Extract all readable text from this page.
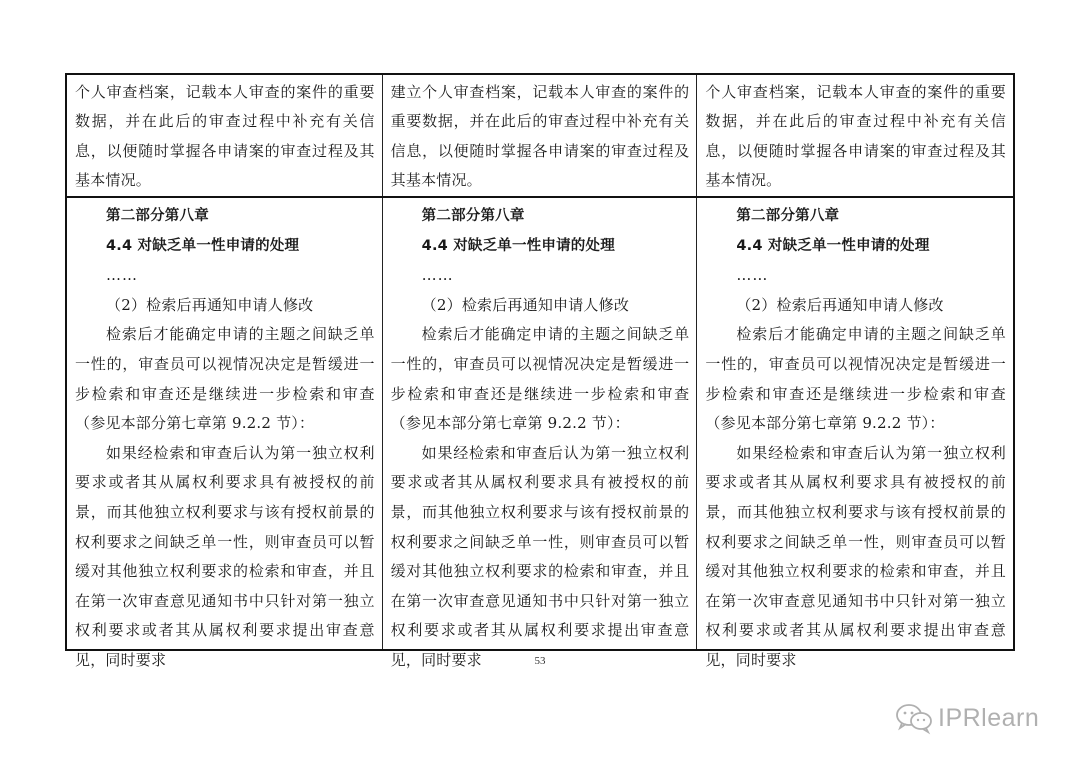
个人审查档案，记载本人审查的案件的重要数据，并在此后的审查过程中补充有关信息，以便随时掌握各申请案的审查过程及其基本情况。

建立个人审查档案，记载本人审查的案件的重要数据，并在此后的审查过程中补充有关信息，以便随时掌握各申请案的审查过程及其基本情况。

个人审查档案，记载本人审查的案件的重要数据，并在此后的审查过程中补充有关信息，以便随时掌握各申请案的审查过程及其基本情况。

第二部分第八章

4.4 对缺乏单一性申请的处理

……

（2）检索后再通知申请人修改

检索后才能确定申请的主题之间缺乏单一性的，审查员可以视情况决定是暂缓进一步检索和审查还是继续进一步检索和审查（参见本部分第七章第 9.2.2 节）：

如果经检索和审查后认为第一独立权利要求或者其从属权利要求具有被授权的前景，而其他独立权利要求与该有授权前景的权利要求之间缺乏单一性，则审查员可以暂缓对其他独立权利要求的检索和审查，并且在第一次审查意见通知书中只针对第一独立权利要求或者其从属权利要求提出审查意见，同时要求

第二部分第八章

4.4 对缺乏单一性申请的处理

……

（2）检索后再通知申请人修改

检索后才能确定申请的主题之间缺乏单一性的，审查员可以视情况决定是暂缓进一步检索和审查还是继续进一步检索和审查（参见本部分第七章第 9.2.2 节）：

如果经检索和审查后认为第一独立权利要求或者其从属权利要求具有被授权的前景，而其他独立权利要求与该有授权前景的权利要求之间缺乏单一性，则审查员可以暂缓对其他独立权利要求的检索和审查，并且在第一次审查意见通知书中只针对第一独立权利要求或者其从属权利要求提出审查意见，同时要求

第二部分第八章

4.4 对缺乏单一性申请的处理

……

（2）检索后再通知申请人修改

检索后才能确定申请的主题之间缺乏单一性的，审查员可以视情况决定是暂缓进一步检索和审查还是继续进一步检索和审查（参见本部分第七章第 9.2.2 节）：

如果经检索和审查后认为第一独立权利要求或者其从属权利要求具有被授权的前景，而其他独立权利要求与该有授权前景的权利要求之间缺乏单一性，则审查员可以暂缓对其他独立权利要求的检索和审查，并且在第一次审查意见通知书中只针对第一独立权利要求或者其从属权利要求提出审查意见，同时要求

53
IPRlearn
